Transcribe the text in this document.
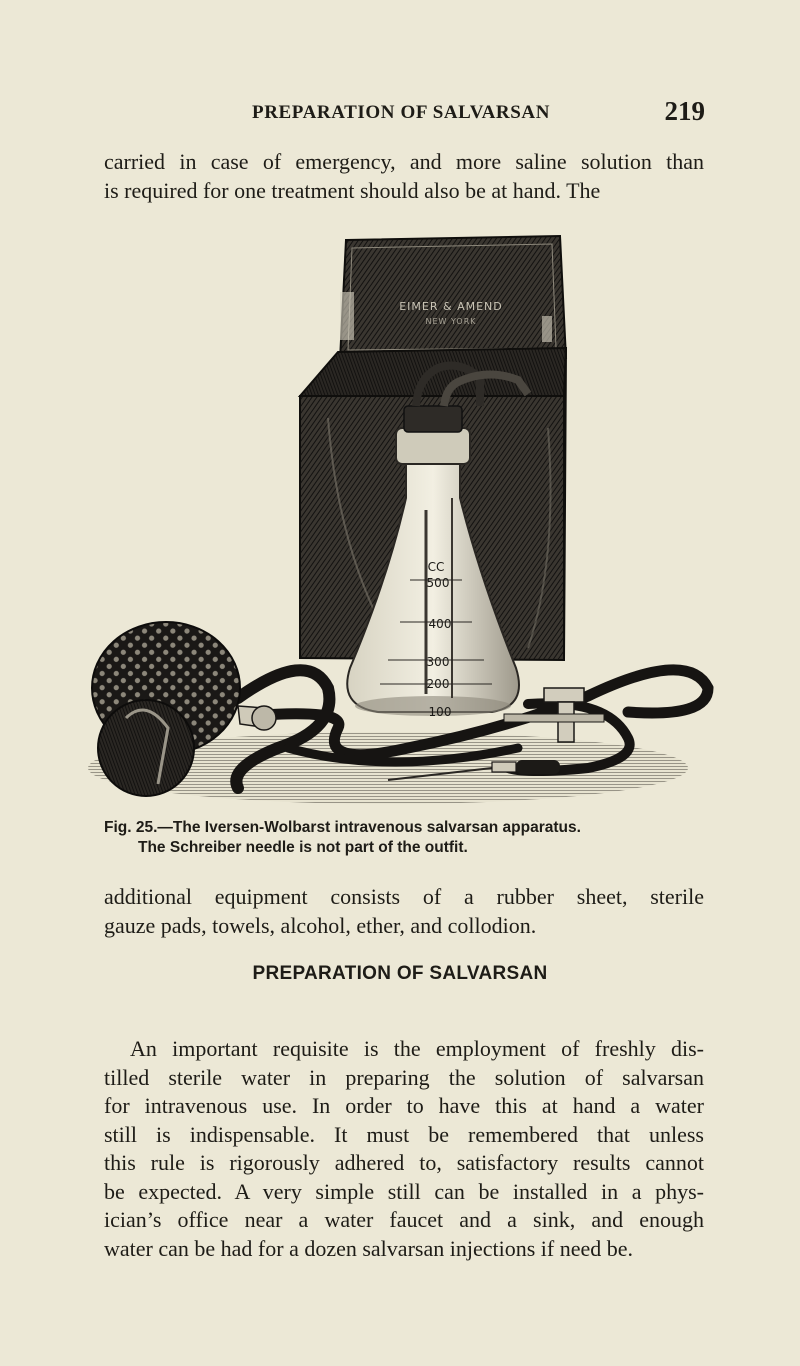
PREPARATION OF SALVARSAN	219

carried in case of emergency, and more saline solution than
is required for one treatment should also be at hand. The

EIMER & AMEND
NEW YORK
CC
500
400
300
200
100
Fig. 25.—The Iversen-Wolbarst intravenous salvarsan apparatus.
The Schreiber needle is not part of the outfit.

additional equipment consists of a rubber sheet, sterile
gauze pads, towels, alcohol, ether, and collodion.

PREPARATION OF SALVARSAN

An important requisite is the employment of freshly dis-
tilled sterile water in preparing the solution of salvarsan
for intravenous use. In order to have this at hand a water
still is indispensable. It must be remembered that unless
this rule is rigorously adhered to, satisfactory results cannot
be expected. A very simple still can be installed in a phys-
ician’s office near a water faucet and a sink, and enough
water can be had for a dozen salvarsan injections if need be.
